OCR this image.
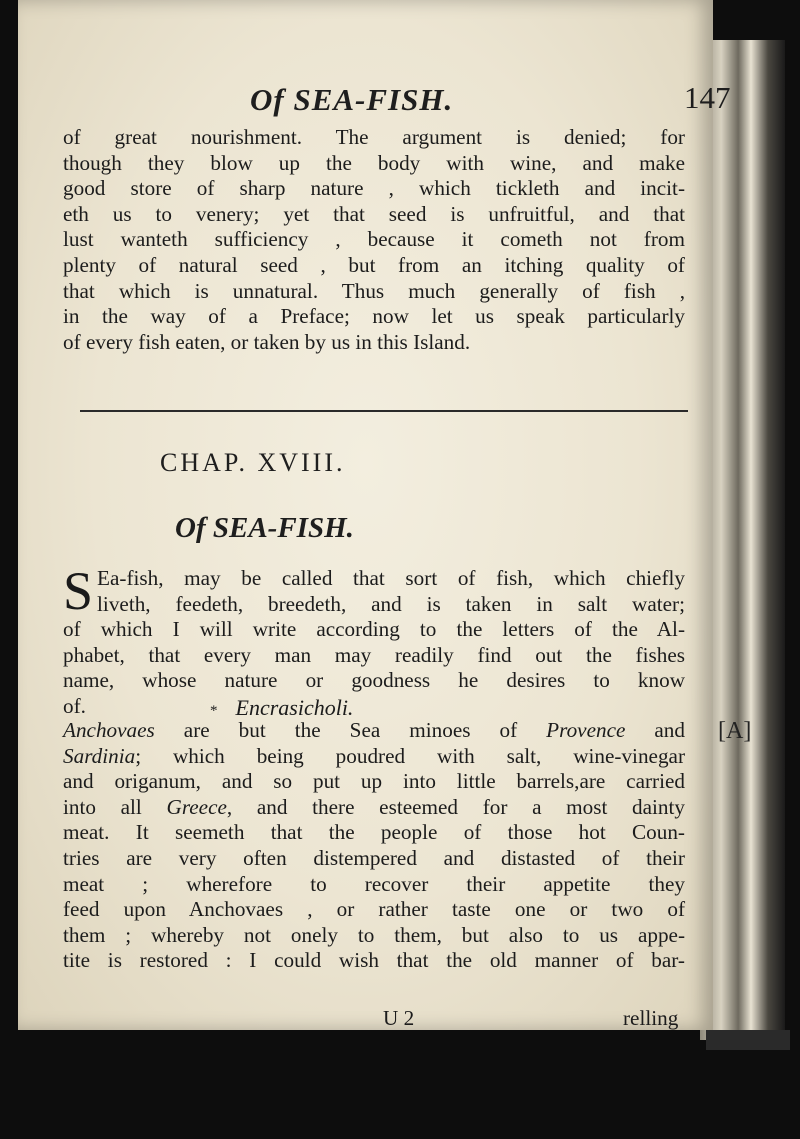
Of SEA-FISH.	147
of great nourishment. The argument is denied; for
though they blow up the body with wine, and make
good store of sharp nature , which tickleth and incit-
eth us to venery; yet that seed is unfruitful, and that
lust wanteth sufficiency , because it cometh not from
plenty of natural seed , but from an itching quality of
that which is unnatural. Thus much generally of fish ,
in the way of a Preface; now let us speak particularly
of every fish eaten, or taken by us in this Island.
CHAP. XVIII.
Of SEA-FISH.
S Ea-fish, may be called that sort of fish, which chiefly
liveth, feedeth, breedeth, and is taken in salt water;
of which I will write according to the letters of the Al-
phabet, that every man may readily find out the fishes
name, whose nature or goodness he desires to know
of.	* Encrasicholi.
Anchovaes are but the Sea minoes of Provence and
Sardinia; which being poudred with salt, wine-vinegar
and origanum, and so put up into little barrels,are carried
into all Greece, and there esteemed for a most dainty
meat. It seemeth that the people of those hot Coun-
tries are very often distempered and distasted of their
meat ; wherefore to recover their appetite they
feed upon Anchovaes , or rather taste one or two of
them ; whereby not onely to them, but also to us appe-
tite is restored : I could wish that the old manner of bar-
[A]
U 2	relling
